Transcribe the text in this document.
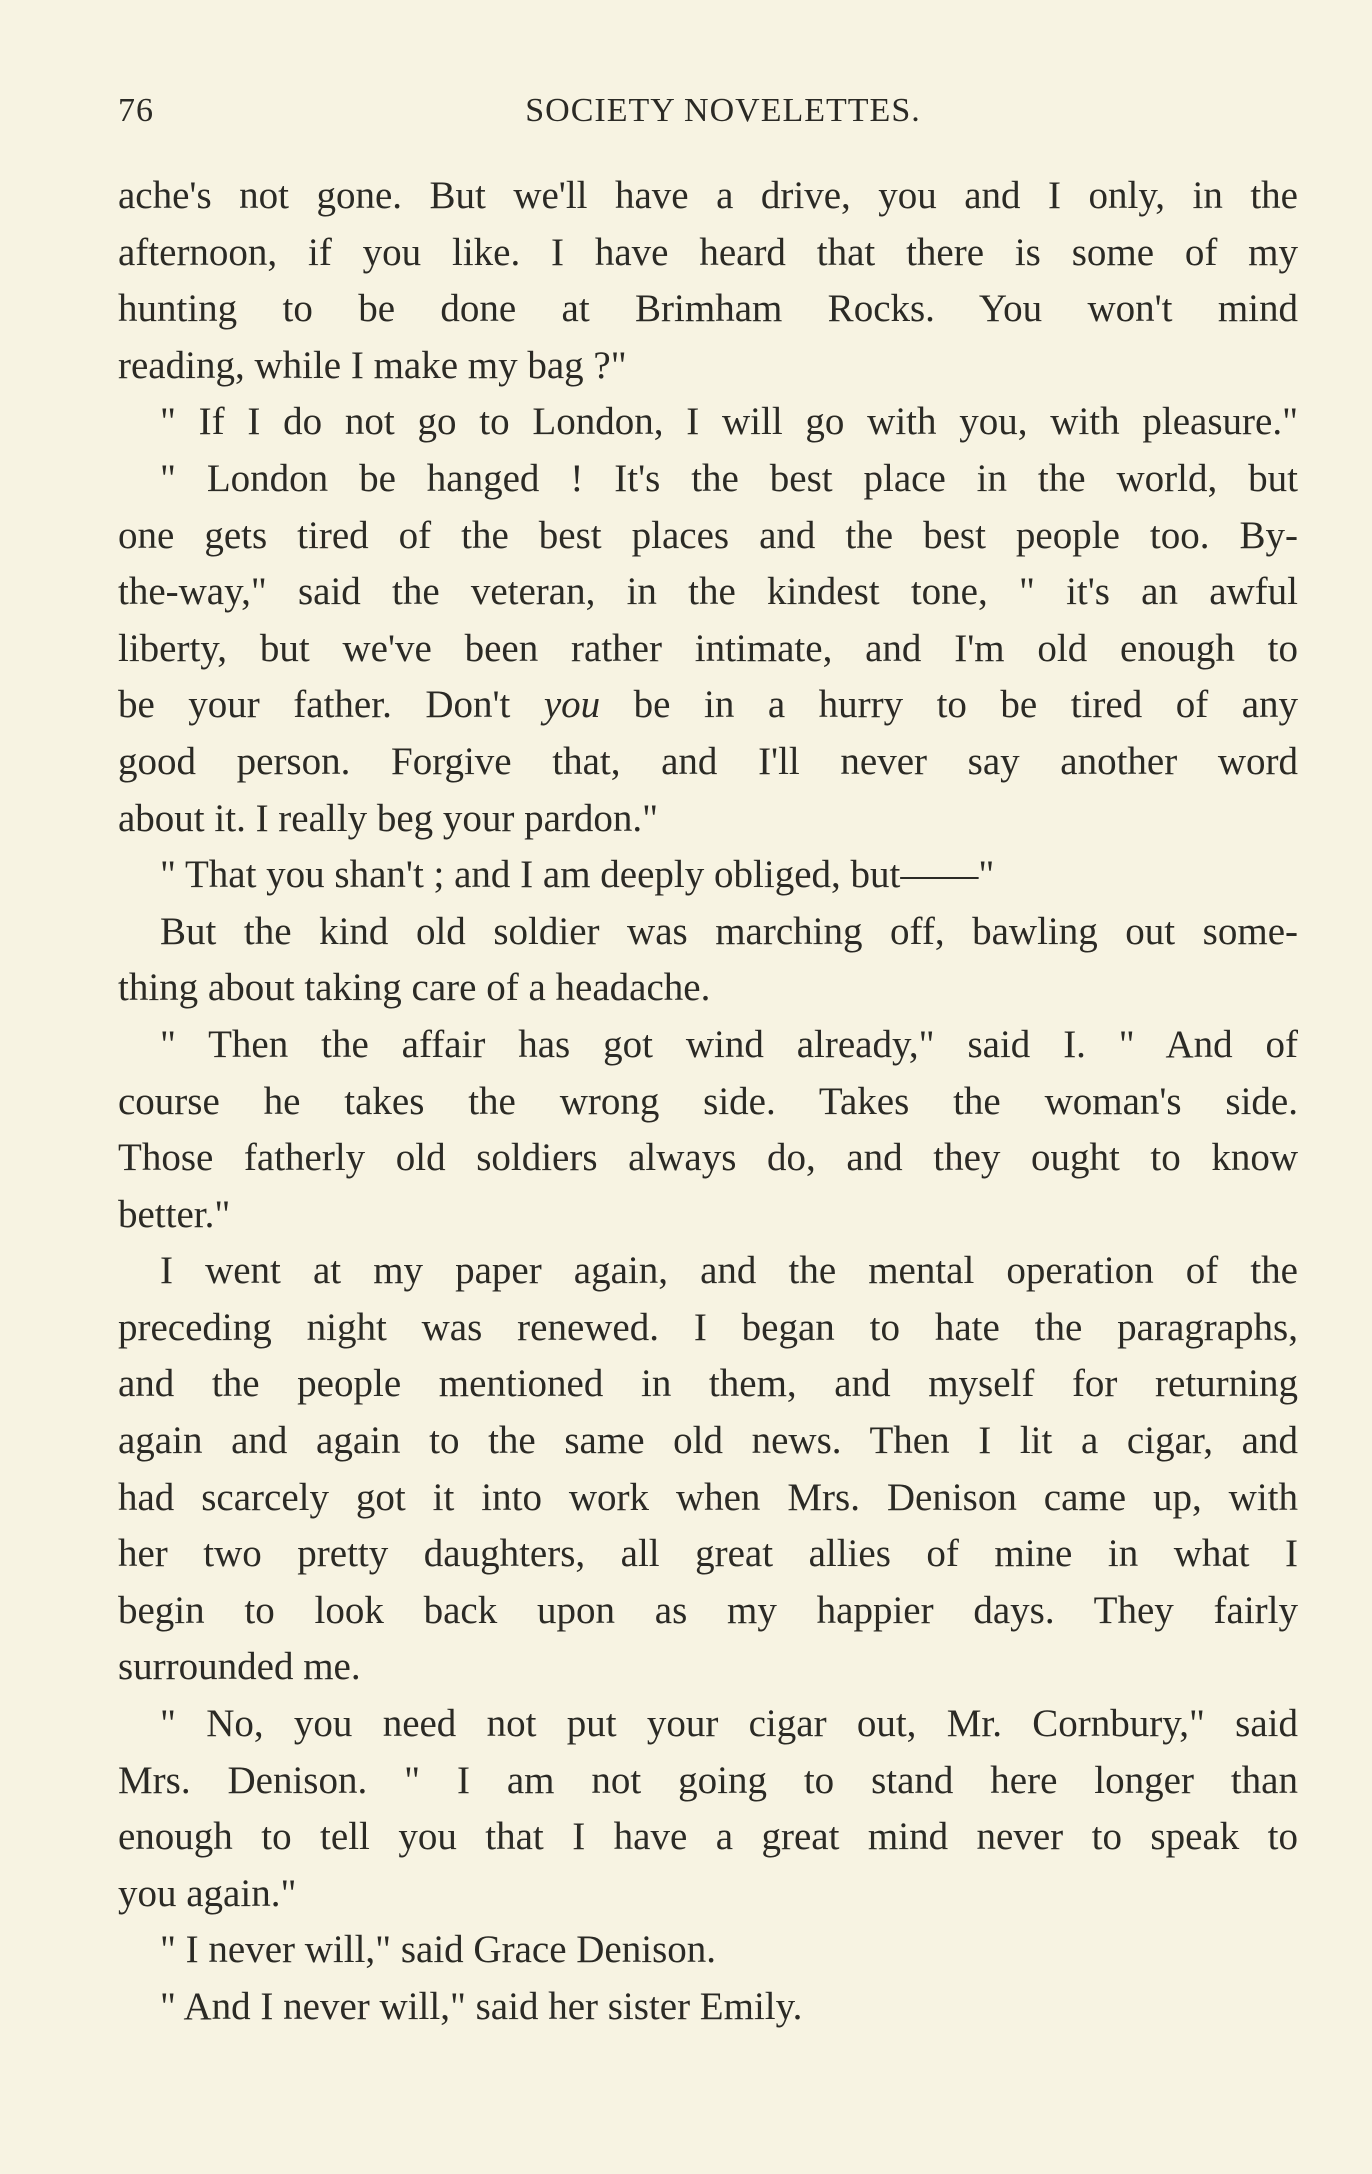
76	SOCIETY NOVELETTES.
ache's not gone. But we'll have a drive, you and I only, in the
afternoon, if you like. I have heard that there is some of my
hunting to be done at Brimham Rocks. You won't mind
reading, while I make my bag ?"
" If I do not go to London, I will go with you, with pleasure."
" London be hanged ! It's the best place in the world, but
one gets tired of the best places and the best people too. By-
the-way," said the veteran, in the kindest tone, " it's an awful
liberty, but we've been rather intimate, and I'm old enough to
be your father. Don't you be in a hurry to be tired of any
good person. Forgive that, and I'll never say another word
about it. I really beg your pardon."
" That you shan't ; and I am deeply obliged, but——"
But the kind old soldier was marching off, bawling out some-
thing about taking care of a headache.
" Then the affair has got wind already," said I. " And of
course he takes the wrong side. Takes the woman's side.
Those fatherly old soldiers always do, and they ought to know
better."
I went at my paper again, and the mental operation of the
preceding night was renewed. I began to hate the paragraphs,
and the people mentioned in them, and myself for returning
again and again to the same old news. Then I lit a cigar, and
had scarcely got it into work when Mrs. Denison came up, with
her two pretty daughters, all great allies of mine in what I
begin to look back upon as my happier days. They fairly
surrounded me.
" No, you need not put your cigar out, Mr. Cornbury," said
Mrs. Denison. " I am not going to stand here longer than
enough to tell you that I have a great mind never to speak to
you again."
" I never will," said Grace Denison.
" And I never will," said her sister Emily.
